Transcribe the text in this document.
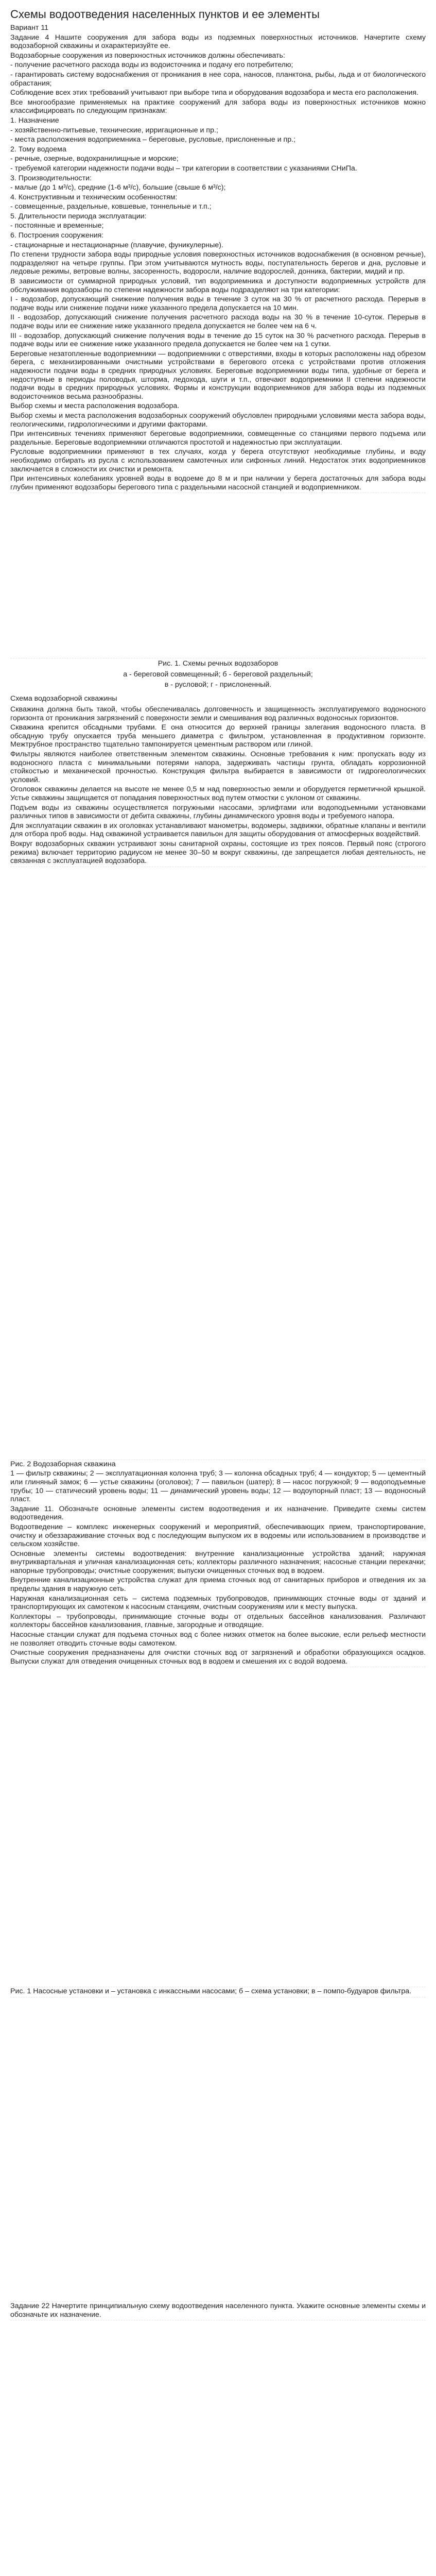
Схемы водоотведения населенных пунктов и ее элементы
Вариант 11
Задание 4 Нашите сооружения для забора воды из подземных поверхностных источников. Начертите схему водозаборной скважины и охарактеризуйте ее.
Водозаборные сооружения из поверхностных источников должны обеспечивать:
- получение расчетного расхода воды из водоисточника и подачу его потребителю;
- гарантировать систему водоснабжения от проникания в нее сора, наносов, планктона, рыбы, льда и от биологического обрастания;
Соблюдение всех этих требований учитывают при выборе типа и оборудования водозабора и места его расположения.
Все многообразие применяемых на практике сооружений для забора воды из поверхностных источников можно классифицировать по следующим признакам:
1. Назначение
- хозяйственно-питьевые, технические, ирригационные и пр.;
- места расположения водоприемника – береговые, русловые, прислоненные и пр.;
2. Тому водоема
- речные, озерные, водохранилищные и морские;
- требуемой категории надежности подачи воды – три категории в соответствии с указаниями СНиПа.
3. Производительности:
- малые (до 1 м³/с), средние (1-6 м³/с), большие (свыше 6 м³/с);
4. Конструктивным и техническим особенностям:
- совмещенные, раздельные, ковшевые, тоннельные и т.п.;
5. Длительности периода эксплуатации:
- постоянные и временные;
6. Построения сооружения:
- стационарные и нестационарные (плавучие, фуникулерные).
По степени трудности забора воды природные условия поверхностных источников водоснабжения (в основном речные), подразделяют на четыре группы. При этом учитываются мутность воды, поступательность берегов и дна, русловые и ледовые режимы, ветровые волны, засоренность, водоросли, наличие водорослей, донника, бактерии, мидий и пр.
В зависимости от суммарной природных условий, тип водоприемника и доступности водоприемных устройств для обслуживания водозаборы по степени надежности забора воды подразделяют на три категории:
I - водозабор, допускающий снижение получения воды в течение 3 суток на 30 % от расчетного расхода. Перерыв в подаче воды или снижение подачи ниже указанного предела допускается на 10 мин.
II - водозабор, допускающий снижение получения расчетного расхода воды на 30 % в течение 10-суток. Перерыв в подаче воды или ее снижение ниже указанного предела допускается не более чем на 6 ч.
III - водозабор, допускающий снижение получения воды в течение до 15 суток на 30 % расчетного расхода. Перерыв в подаче воды или ее снижение ниже указанного предела допускается не более чем на 1 сутки.
Береговые незатопленные водоприемники — водоприемники с отверстиями, входы в которых расположены над обрезом берега, с механизированными очистными устройствами в берегового отсека с устройствами против отложения надежности подачи воды в средних природных условиях. Береговые водоприемники воды типа, удобные от берега и недоступные в периоды половодья, шторма, ледохода, шуги и т.п., отвечают водоприемники II степени надежности подачи воды в средних природных условиях. Формы и конструкции водоприемников для забора воды из подземных водоисточников весьма разнообразны.
Выбор схемы и места расположения водозабора.
Выбор схемы и места расположения водозаборных сооружений обусловлен природными условиями места забора воды, геологическими, гидрологическими и другими факторами.
При интенсивных течениях применяют береговые водоприемники, совмещенные со станциями первого подъема или раздельные. Береговые водоприемники отличаются простотой и надежностью при эксплуатации.
Русловые водоприемники применяют в тех случаях, когда у берега отсутствуют необходимые глубины, и воду необходимо отбирать из русла с использованием самотечных или сифонных линий. Недостаток этих водоприемников заключается в сложности их очистки и ремонта.
При интенсивных колебаниях уровней воды в водоеме до 8 м и при наличии у берега достаточных для забора воды глубин применяют водозаборы берегового типа с раздельными насосной станцией и водоприемником.
Рис. 1. Схемы речных водозаборов
а - береговой совмещенный; б - береговой раздельный;
в - русловой; г - прислоненный.
Схема водозаборной скважины
Скважина должна быть такой, чтобы обеспечивалась долговечность и защищенность эксплуатируемого водоносного горизонта от проникания загрязнений с поверхности земли и смешивания вод различных водоносных горизонтов.
Скважина крепится обсадными трубами. Е она относится до верхней границы залегания водоносного пласта. В обсадную трубу опускается труба меньшего диаметра с фильтром, установленная в продуктивном горизонте. Межтрубное пространство тщательно тампонируется цементным раствором или глиной.
Фильтры являются наиболее ответственным элементом скважины. Основные требования к ним: пропускать воду из водоносного пласта с минимальными потерями напора, задерживать частицы грунта, обладать коррозионной стойкостью и механической прочностью. Конструкция фильтра выбирается в зависимости от гидрогеологических условий.
Оголовок скважины делается на высоте не менее 0,5 м над поверхностью земли и оборудуется герметичной крышкой. Устье скважины защищается от попадания поверхностных вод путем отмостки с уклоном от скважины.
Подъем воды из скважины осуществляется погружными насосами, эрлифтами или водоподъемными установками различных типов в зависимости от дебита скважины, глубины динамического уровня воды и требуемого напора.
Для эксплуатации скважин в их оголовках устанавливают манометры, водомеры, задвижки, обратные клапаны и вентили для отбора проб воды. Над скважиной устраивается павильон для защиты оборудования от атмосферных воздействий.
Вокруг водозаборных скважин устраивают зоны санитарной охраны, состоящие из трех поясов. Первый пояс (строгого режима) включает территорию радиусом не менее 30–50 м вокруг скважины, где запрещается любая деятельность, не связанная с эксплуатацией водозабора.
Рис. 2 Водозаборная скважина
1 — фильтр скважины; 2 — эксплуатационная колонна труб; 3 — колонна обсадных труб; 4 — кондуктор; 5 — цементный или глиняный замок; 6 — устье скважины (оголовок); 7 — павильон (шатер); 8 — насос погружной; 9 — водоподъемные трубы; 10 — статический уровень воды; 11 — динамический уровень воды; 12 — водоупорный пласт; 13 — водоносный пласт.
Задание 11. Обозначьте основные элементы систем водоотведения и их назначение. Приведите схемы систем водоотведения.
Водоотведение – комплекс инженерных сооружений и мероприятий, обеспечивающих прием, транспортирование, очистку и обеззараживание сточных вод с последующим выпуском их в водоемы или использованием в производстве и сельском хозяйстве.
Основные элементы системы водоотведения: внутренние канализационные устройства зданий; наружная внутриквартальная и уличная канализационная сеть; коллекторы различного назначения; насосные станции перекачки; напорные трубопроводы; очистные сооружения; выпуски очищенных сточных вод в водоем.
Внутренние канализационные устройства служат для приема сточных вод от санитарных приборов и отведения их за пределы здания в наружную сеть.
Наружная канализационная сеть – система подземных трубопроводов, принимающих сточные воды от зданий и транспортирующих их самотеком к насосным станциям, очистным сооружениям или к месту выпуска.
Коллекторы – трубопроводы, принимающие сточные воды от отдельных бассейнов канализования. Различают коллекторы бассейнов канализования, главные, загородные и отводящие.
Насосные станции служат для подъема сточных вод с более низких отметок на более высокие, если рельеф местности не позволяет отводить сточные воды самотеком.
Очистные сооружения предназначены для очистки сточных вод от загрязнений и обработки образующихся осадков. Выпуски служат для отведения очищенных сточных вод в водоем и смешения их с водой водоема.
Рис. 1 Насосные установки и – установка с инкассными насосами; б – схема установки; в – помпо-будуаров фильтра.
Задание 22 Начертите принципиальную схему водоотведения населенного пункта. Укажите основные элементы схемы и обозначьте их назначение.
